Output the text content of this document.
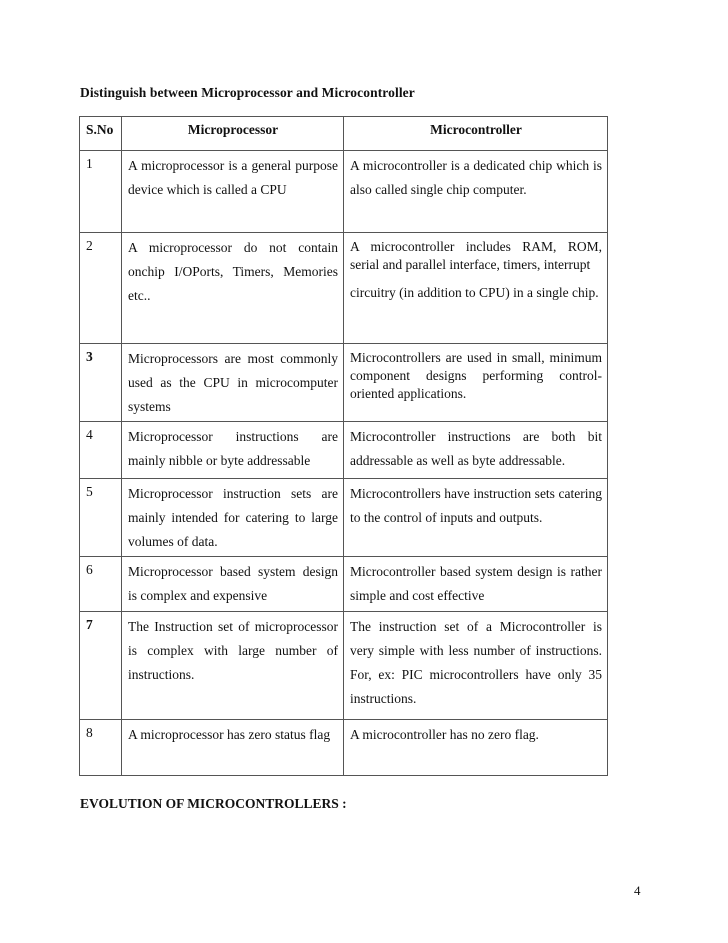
Distinguish between Microprocessor and Microcontroller
S.No	Microprocessor	Microcontroller
1	A microprocessor is a general purpose device which is called a CPU	A microcontroller is a dedicated chip which is also called single chip computer.

2	A microprocessor do not contain onchip I/OPorts, Timers, Memories etc..	A microcontroller includes RAM, ROM, serial and parallel interface, timers, interrupt
circuitry (in addition to CPU) in a single chip.

3	Microprocessors are most commonly used as the CPU in microcomputer systems	Microcontrollers are used in small, minimum component designs performing control-oriented applications.

4	Microprocessor instructions are mainly nibble or byte addressable	Microcontroller instructions are both bit addressable as well as byte addressable.

5	Microprocessor instruction sets are mainly intended for catering to large volumes of data.	Microcontrollers have instruction sets catering to the control of inputs and outputs.

6	Microprocessor based system design is complex and expensive	Microcontroller based system design is rather simple and cost effective

7	The Instruction set of microprocessor is complex with large number of instructions.	The instruction set of a Microcontroller is very simple with less number of instructions. For, ex: PIC microcontrollers have only 35 instructions.

8	A microprocessor has zero status flag	A microcontroller has no zero flag.
EVOLUTION OF MICROCONTROLLERS :
4
